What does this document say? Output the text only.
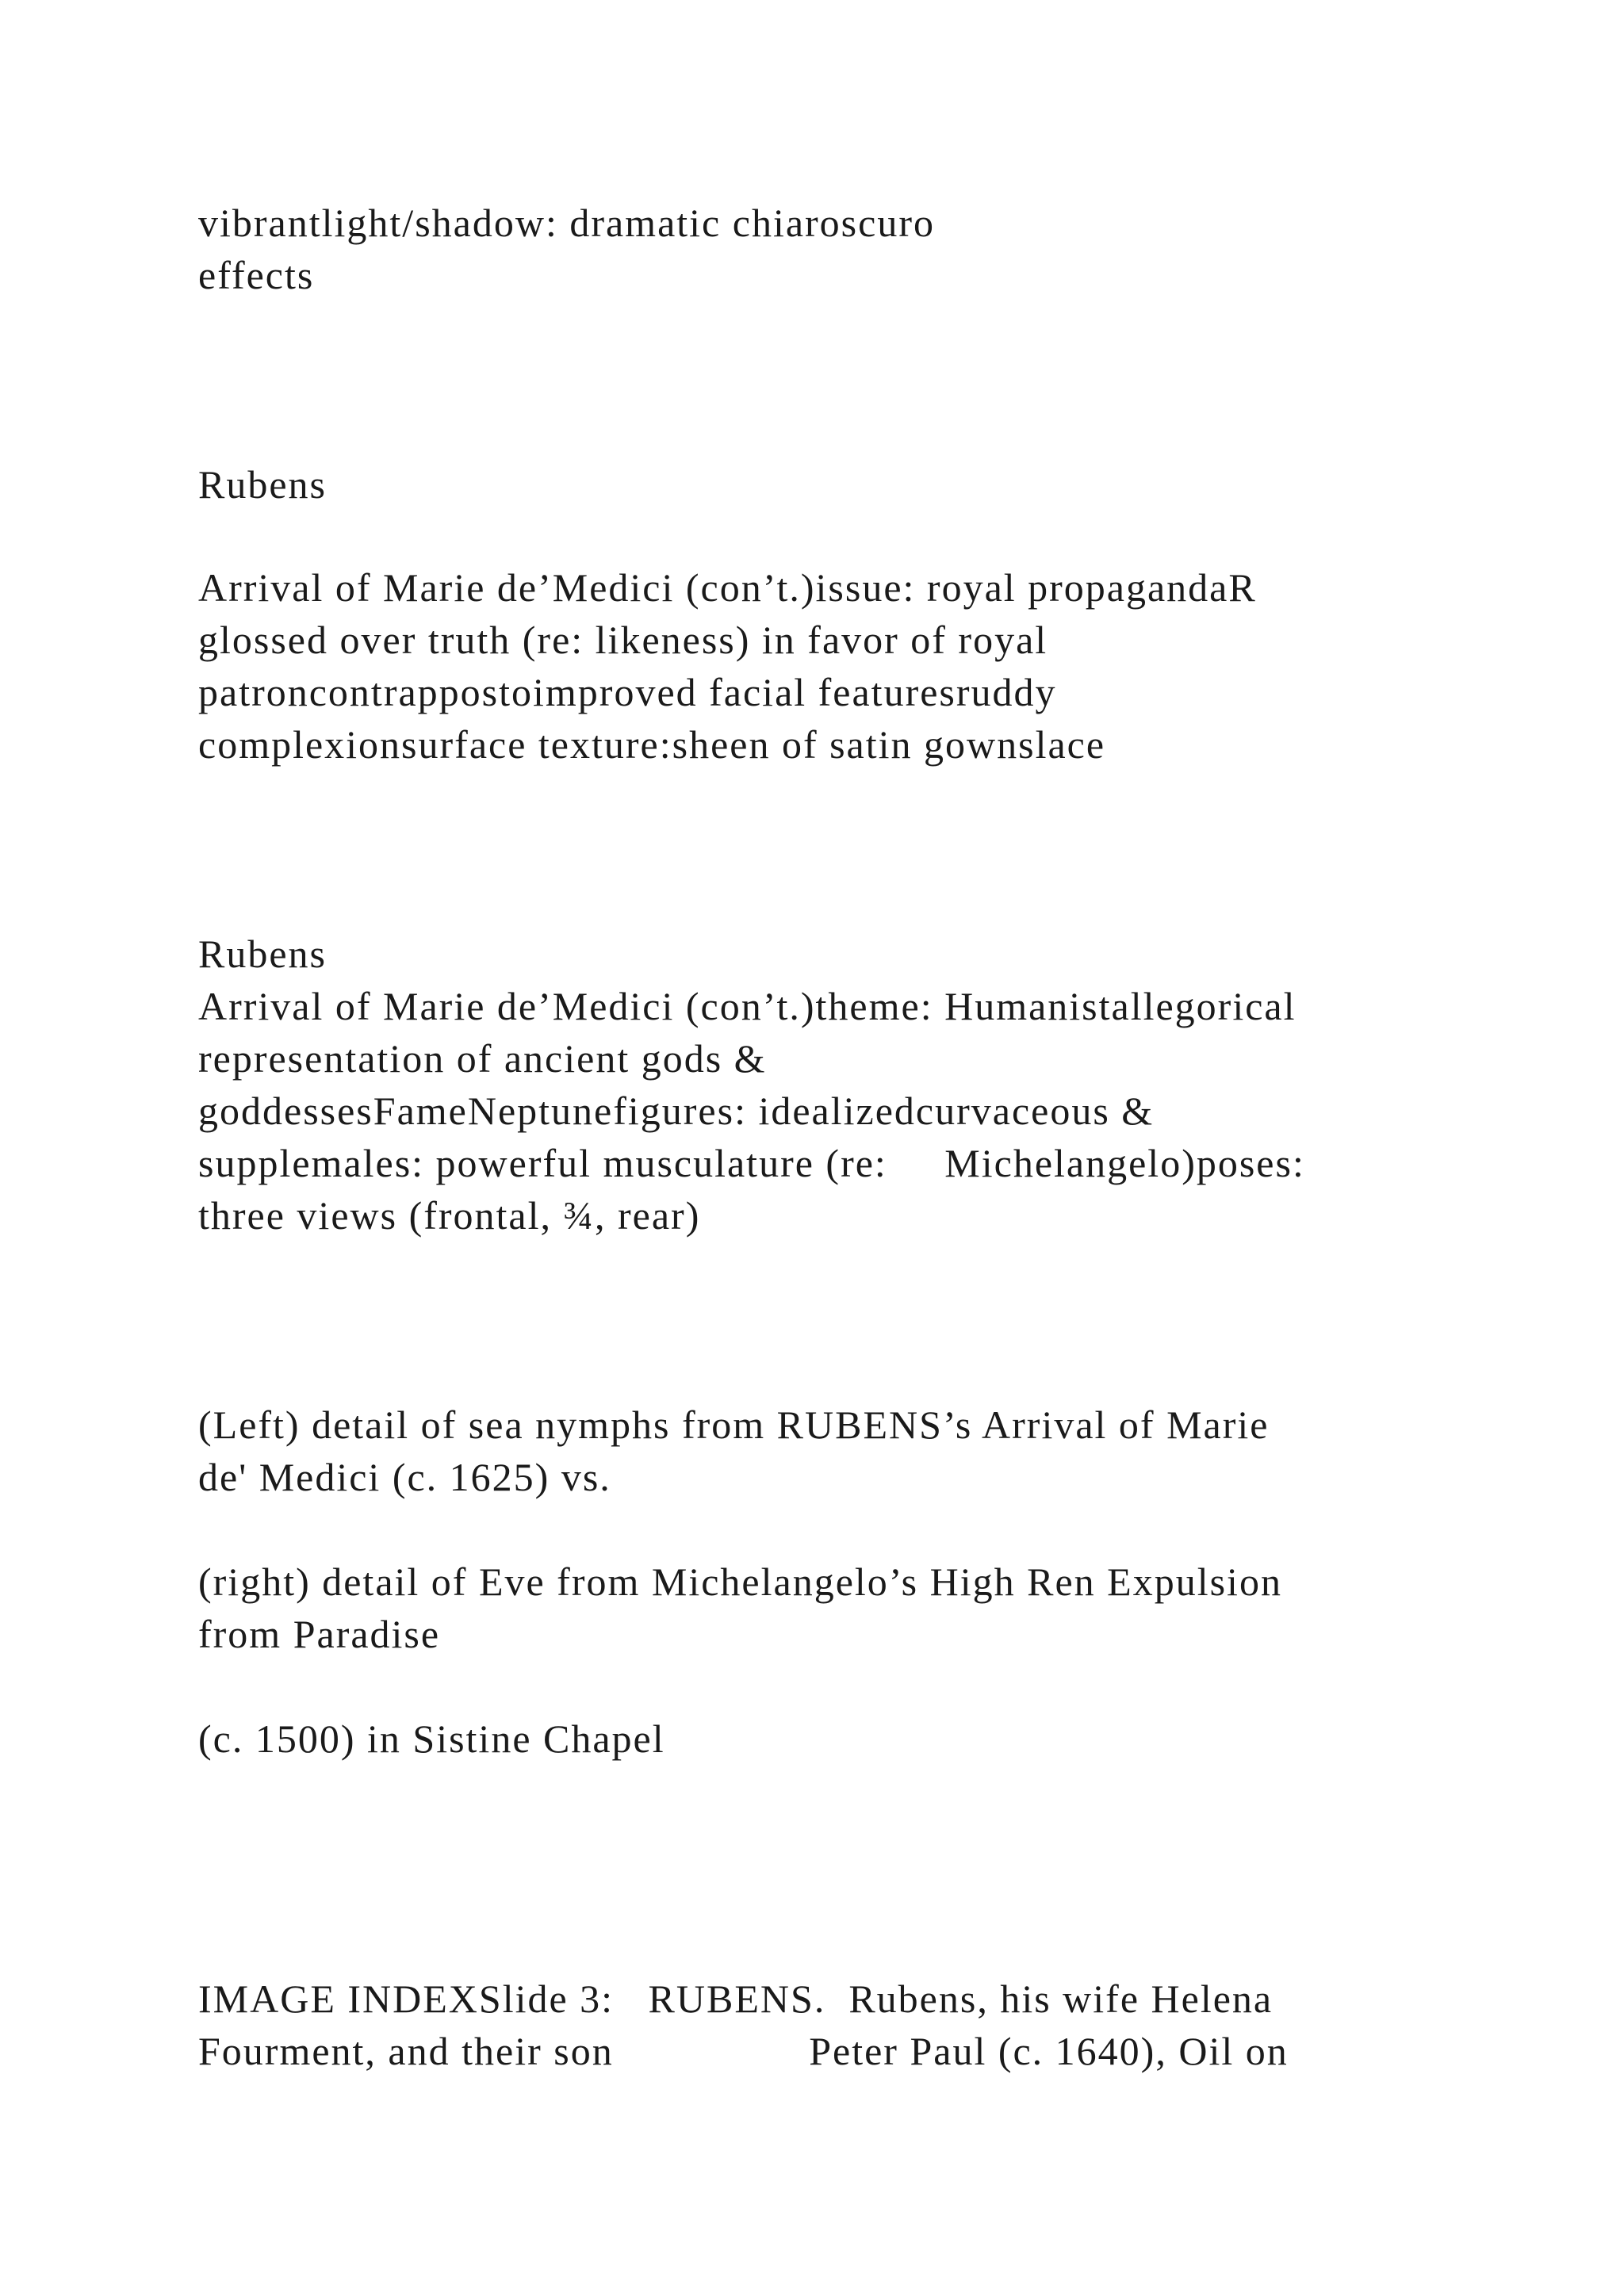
vibrantlight/shadow: dramatic chiaroscuro

effects

Rubens

Arrival of Marie de’Medici (con’t.)issue: royal propagandaR

glossed over truth (re: likeness) in favor of royal

patroncontrappostoimproved facial featuresruddy

complexionsurface texture:sheen of satin gownslace

Rubens

Arrival of Marie de’Medici (con’t.)theme: Humanistallegorical

representation of ancient gods &

goddessesFameNeptunefigures: idealizedcurvaceous &

supplemales: powerful musculature (re:     Michelangelo)poses:

three views (frontal, ¾, rear)

(Left) detail of sea nymphs from RUBENS’s Arrival of Marie

de' Medici (c. 1625) vs.

(right) detail of Eve from Michelangelo’s High Ren Expulsion

from Paradise

(c. 1500) in Sistine Chapel

IMAGE INDEXSlide 3:   RUBENS.  Rubens, his wife Helena

Fourment, and their son                 Peter Paul (c. 1640), Oil on
